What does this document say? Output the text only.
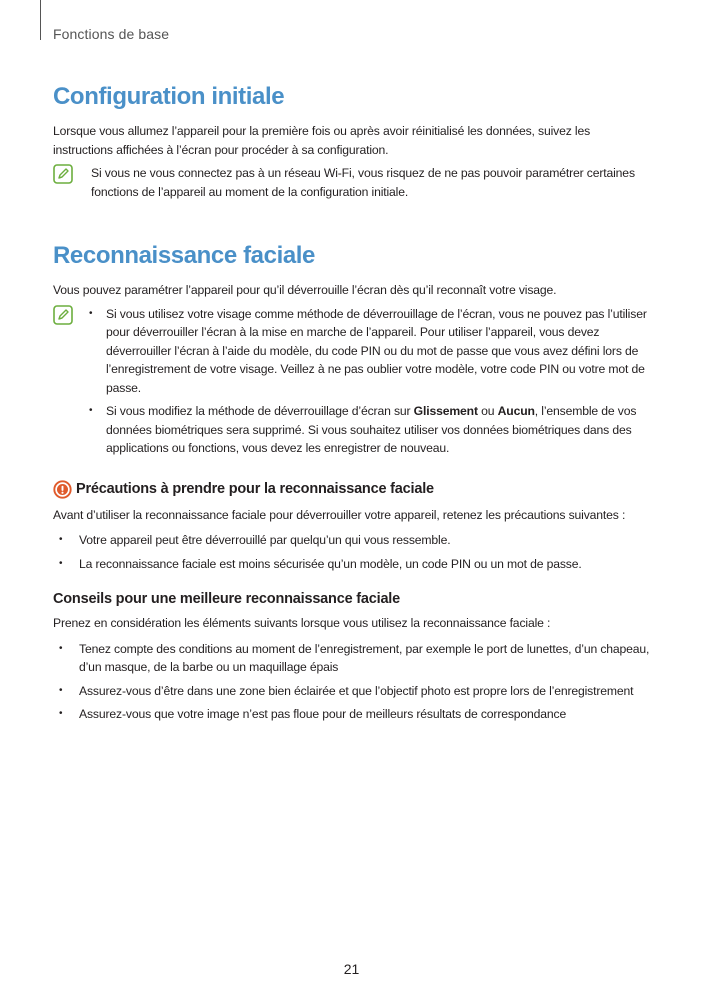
Fonctions de base
Configuration initiale

Lorsque vous allumez l’appareil pour la première fois ou après avoir réinitialisé les données, suivez les instructions affichées à l’écran pour procéder à sa configuration.

Si vous ne vous connectez pas à un réseau Wi-Fi, vous risquez de ne pas pouvoir paramétrer certaines fonctions de l’appareil au moment de la configuration initiale.

Reconnaissance faciale

Vous pouvez paramétrer l’appareil pour qu’il déverrouille l’écran dès qu’il reconnaît votre visage.

• Si vous utilisez votre visage comme méthode de déverrouillage de l’écran, vous ne pouvez pas l’utiliser pour déverrouiller l’écran à la mise en marche de l’appareil. Pour utiliser l’appareil, vous devez déverrouiller l’écran à l’aide du modèle, du code PIN ou du mot de passe que vous avez défini lors de l’enregistrement de votre visage. Veillez à ne pas oublier votre modèle, votre code PIN ou votre mot de passe.
• Si vous modifiez la méthode de déverrouillage d’écran sur Glissement ou Aucun, l’ensemble de vos données biométriques sera supprimé. Si vous souhaitez utiliser vos données biométriques dans des applications ou fonctions, vous devez les enregistrer de nouveau.
Précautions à prendre pour la reconnaissance faciale

Avant d’utiliser la reconnaissance faciale pour déverrouiller votre appareil, retenez les précautions suivantes :

• Votre appareil peut être déverrouillé par quelqu’un qui vous ressemble.
• La reconnaissance faciale est moins sécurisée qu’un modèle, un code PIN ou un mot de passe.
Conseils pour une meilleure reconnaissance faciale

Prenez en considération les éléments suivants lorsque vous utilisez la reconnaissance faciale :

• Tenez compte des conditions au moment de l’enregistrement, par exemple le port de lunettes, d’un chapeau, d’un masque, de la barbe ou un maquillage épais
• Assurez-vous d’être dans une zone bien éclairée et que l’objectif photo est propre lors de l’enregistrement
• Assurez-vous que votre image n’est pas floue pour de meilleurs résultats de correspondance
21
